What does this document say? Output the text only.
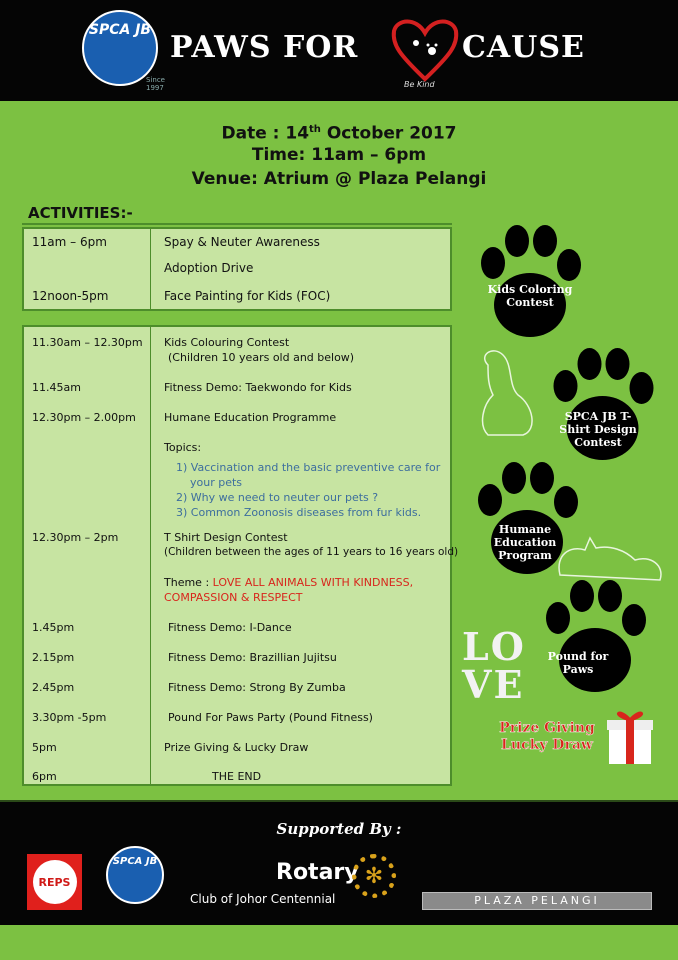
SPCA JB
Since 1997
PAWS FOR	CAUSE
Be Kind
Date : 14th October 2017
Time: 11am – 6pm
Venue: Atrium @ Plaza Pelangi
ACTIVITIES:-
11am – 6pm	Spay & Neuter Awareness
Adoption Drive
12noon-5pm	Face Painting for Kids (FOC)
11.30am – 12.30pm Kids Colouring Contest
(Children 10 years old and below)
11.45am	Fitness Demo: Taekwondo for Kids
12.30pm – 2.00pm	Humane Education Programme
Topics:
1) Vaccination and the basic preventive care for
your pets
2) Why we need to neuter our pets ?
3) Common Zoonosis diseases from fur kids.
12.30pm – 2pm	T Shirt Design Contest
(Children between the ages of 11 years to 16 years old)
Theme : LOVE ALL ANIMALS WITH KINDNESS,
COMPASSION & RESPECT
1.45pm	Fitness Demo: I-Dance
2.15pm	Fitness Demo: Brazillian Jujitsu
2.45pm	Fitness Demo: Strong By Zumba
3.30pm -5pm	Pound For Paws Party (Pound Fitness)
5pm	Prize Giving & Lucky Draw
6pm	THE END
Kids Coloring Contest
SPCA JB T-Shirt Design Contest
Humane Education Program
Pound for Paws
LOVE
Prize Giving
Lucky Draw
Supported By :
REPS
SPCA JB	Rotary ✻
Club of Johor Centennial	PLAZA PELANGI
